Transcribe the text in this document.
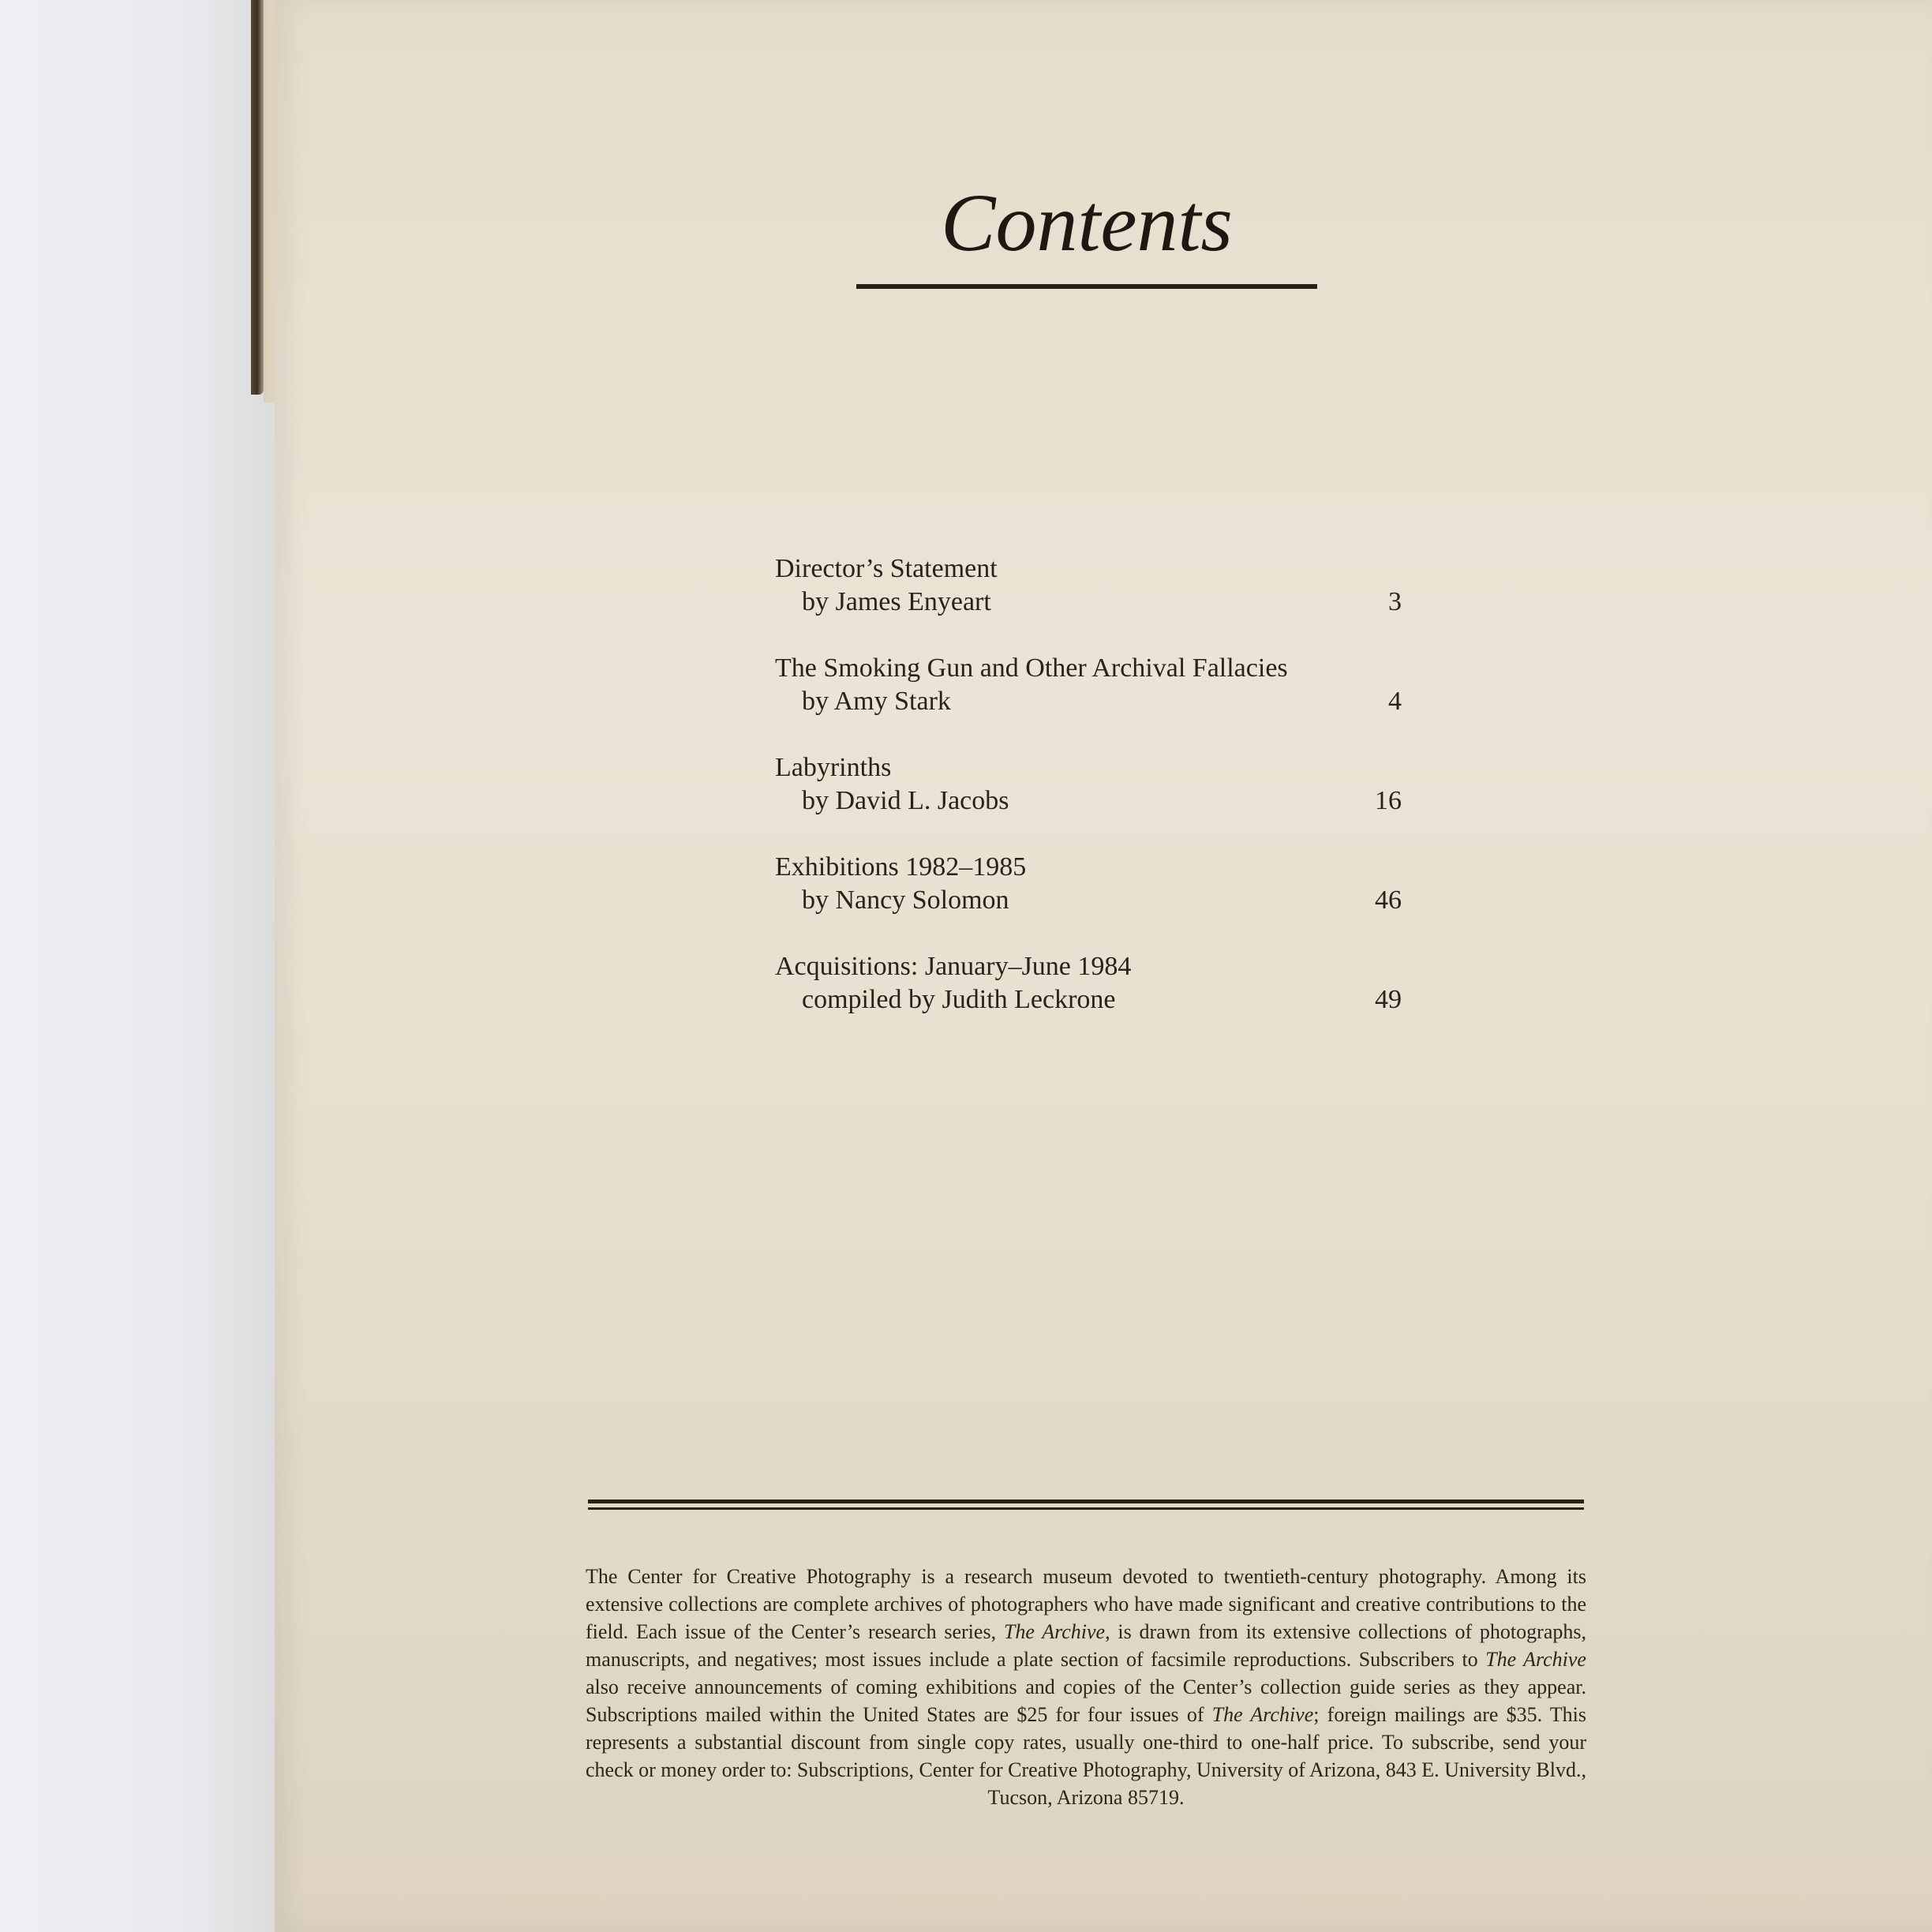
Contents
Director’s Statement
by James Enyeart	3
The Smoking Gun and Other Archival Fallacies
by Amy Stark	4
Labyrinths
by David L. Jacobs	16
Exhibitions 1982–1985
by Nancy Solomon	46
Acquisitions: January–June 1984
compiled by Judith Leckrone	49
The Center for Creative Photography is a research museum devoted to twentieth-century photography. Among its extensive collections are complete archives of photographers who have made significant and creative contributions to the field. Each issue of the Center’s research series, The Archive, is drawn from its extensive collections of photographs, manuscripts, and negatives; most issues include a plate section of facsimile reproductions. Subscribers to The Archive also receive announcements of coming exhibitions and copies of the Center’s collection guide series as they appear. Subscriptions mailed within the United States are $25 for four issues of The Archive; foreign mailings are $35. This represents a substantial discount from single copy rates, usually one-third to one-half price. To subscribe, send your check or money order to: Subscriptions, Center for Creative Photography, University of Arizona, 843 E. University Blvd., Tucson, Arizona 85719.
